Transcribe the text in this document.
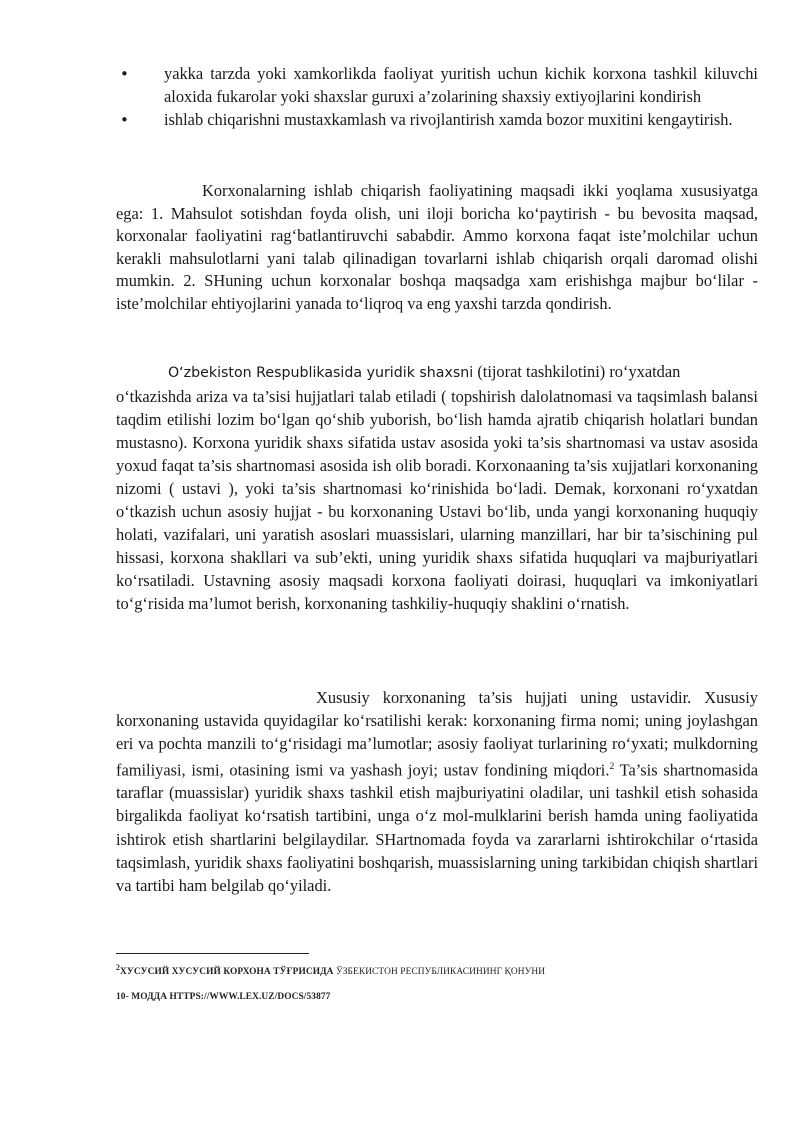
• yakka tarzda yoki xamkorlikda faoliyat yuritish uchun kichik korxona tashkil kiluvchi aloxida fukarolar yoki shaxslar guruxi a’zolarining shaxsiy extiyojlarini kondirish
• ishlab chiqarishni mustaxkamlash va rivojlantirish xamda bozor muxitini kengaytirish.

Korxonalarning ishlab chiqarish faoliyatining maqsadi ikki yoqlama xususiyatga ega: 1. Mahsulot sotishdan foyda olish, uni iloji boricha ko‘paytirish - bu bevosita maqsad, korxonalar faoliyatini rag‘batlantiruvchi sababdir. Ammo korxona faqat iste’molchilar uchun kerakli mahsulotlarni yani talab qilinadigan tovarlarni ishlab chiqarish orqali daromad olishi mumkin. 2. SHuning uchun korxonalar boshqa maqsadga xam erishishga majbur bo‘lilar - iste’molchilar ehtiyojlarini yanada to‘liqroq va eng yaxshi tarzda qondirish.

O‘zbekiston Respublikasida yuridik shaxsni (tijorat tashkilotini) ro‘yxatdan

o‘tkazishda ariza va ta’sisi hujjatlari talab etiladi ( topshirish dalolatnomasi va taqsimlash balansi taqdim etilishi lozim bo‘lgan qo‘shib yuborish, bo‘lish hamda ajratib chiqarish holatlari bundan mustasno). Korxona yuridik shaxs sifatida ustav asosida yoki ta’sis shartnomasi va ustav asosida yoxud faqat ta’sis shartnomasi asosida ish olib boradi. Korxonaaning ta’sis xujjatlari korxonaning nizomi ( ustavi ), yoki ta’sis shartnomasi ko‘rinishida bo‘ladi. Demak, korxonani ro‘yxatdan o‘tkazish uchun asosiy hujjat - bu korxonaning Ustavi bo‘lib, unda yangi korxonaning huquqiy holati, vazifalari, uni yaratish asoslari muassislari, ularning manzillari, har bir ta’sischining pul hissasi, korxona shakllari va sub’ekti, uning yuridik shaxs sifatida huquqlari va majburiyatlari ko‘rsatiladi. Ustavning asosiy maqsadi korxona faoliyati doirasi, huquqlari va imkoniyatlari to‘g‘risida ma’lumot berish, korxonaning tashkiliy-huquqiy shaklini o‘rnatish.

Xususiy korxonaning ta’sis hujjati uning ustavidir. Xususiy korxonaning ustavida quyidagilar ko‘rsatilishi kerak: korxonaning firma nomi; uning joylashgan eri va pochta manzili to‘g‘risidagi ma’lumotlar; asosiy faoliyat turlarining ro‘yxati; mulkdorning familiyasi, ismi, otasining ismi va yashash joyi; ustav fondining miqdori.$^2$ Ta’sis shartnomasida taraflar (muassislar) yuridik shaxs tashkil etish majburiyatini oladilar, uni tashkil etish sohasida birgalikda faoliyat ko‘rsatish tartibini, unga o‘z mol-mulklarini berish hamda uning faoliyatida ishtirok etish shartlarini belgilaydilar. SHartnomada foyda va zararlarni ishtirokchilar o‘rtasida taqsimlash, yuridik shaxs faoliyatini boshqarish, muassislarning uning tarkibidan chiqish shartlari va tartibi ham belgilab qo‘yiladi.

$^2$ХУСУСИЙ ХУСУСИЙ КОРХОНА ТЎҒРИСИДА ЎЗБЕКИСТОН РЕСПУБЛИКАСИНИНГ ҚОНУНИ
10- МОДДА HTTPS://WWW.LEX.UZ/DOCS/53877
